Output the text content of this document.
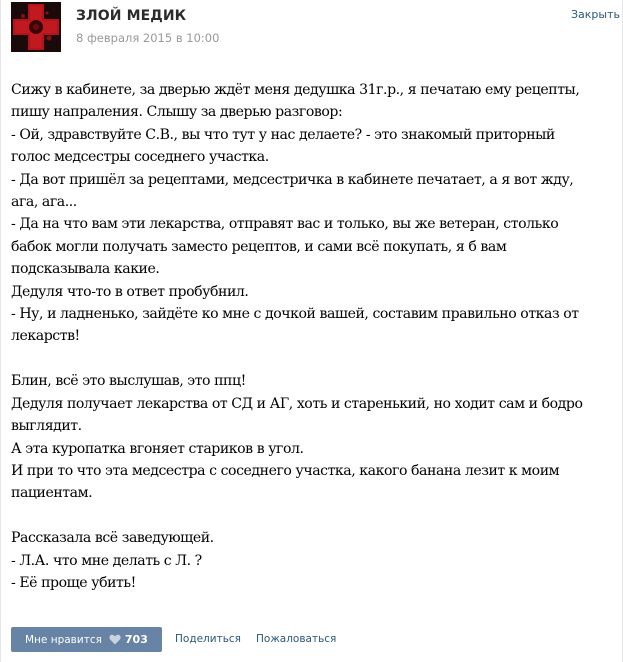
ЗЛОЙ МЕДИК
8 февраля 2015 в 10:00
Закрыть
Сижу в кабинете, за дверью ждёт меня дедушка 31г.р., я печатаю ему рецепты,
пишу напраления. Слышу за дверью разговор:
- Ой, здравствуйте С.В., вы что тут у нас делаете? - это знакомый приторный
голос медсестры соседнего участка.
- Да вот пришёл за рецептами, медсестричка в кабинете печатает, а я вот жду,
ага, ага...
- Да на что вам эти лекарства, отправят вас и только, вы же ветеран, столько
бабок могли получать заместо рецептов, и сами всё покупать, я б вам
подсказывала какие.
Дедуля что-то в ответ пробубнил.
- Ну, и ладненько, зайдёте ко мне с дочкой вашей, составим правильно отказ от
лекарств!

Блин, всё это выслушав, это ппц!
Дедуля получает лекарства от СД и АГ, хоть и старенький, но ходит сам и бодро
выглядит.
А эта куропатка вгоняет стариков в угол.
И при то что эта медсестра с соседнего участка, какого банана лезит к моим
пациентам.

Рассказала всё заведующей.
- Л.А. что мне делать с Л. ?
- Её проще убить!
Мне нравится 703	Поделиться Пожаловаться
